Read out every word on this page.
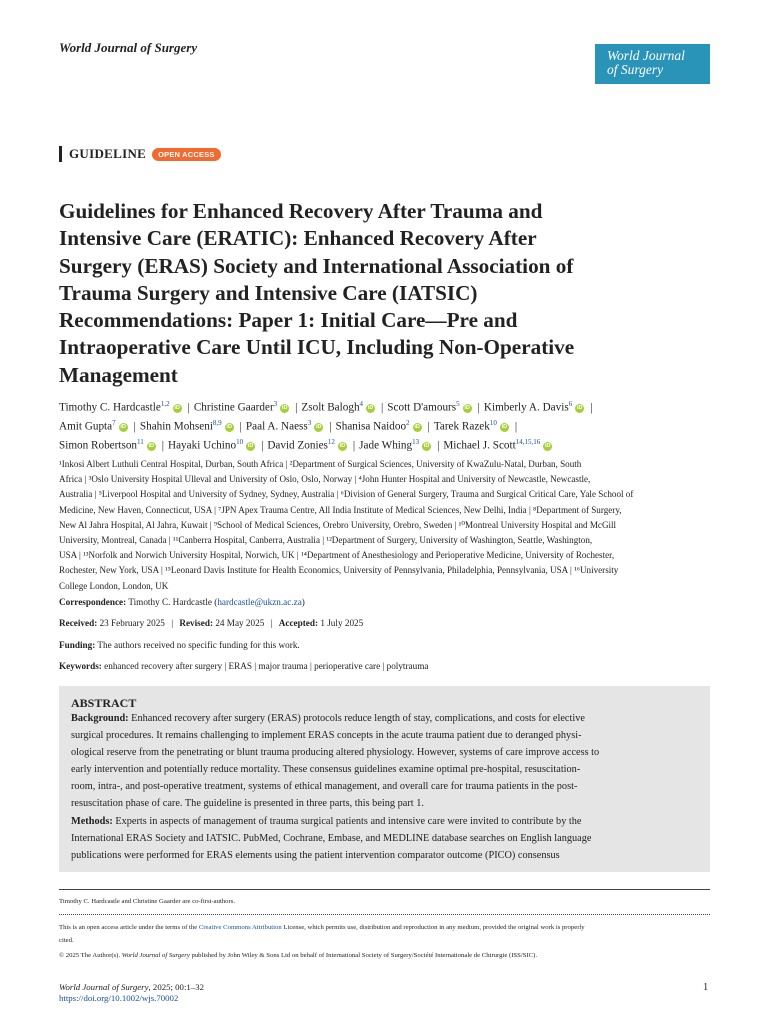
World Journal of Surgery
World Journal
of Surgery
GUIDELINE	OPEN ACCESS
Guidelines for Enhanced Recovery After Trauma and
Intensive Care (ERATIC): Enhanced Recovery After
Surgery (ERAS) Society and International Association of
Trauma Surgery and Intensive Care (IATSIC)
Recommendations: Paper 1: Initial Care—Pre and
Intraoperative Care Until ICU, Including Non-Operative
Management
Timothy C. Hardcastle$^{1,2}$ iD | Christine Gaarder$^3$ iD | Zsolt Balogh$^4$ iD | Scott D'amours$^5$ iD | Kimberly A. Davis$^6$ iD |
Amit Gupta$^7$ iD | Shahin Mohseni$^{8,9}$ iD | Paal A. Naess$^3$ iD | Shanisa Naidoo$^2$ iD | Tarek Razek$^{10}$ iD |
Simon Robertson$^{11}$ iD | Hayaki Uchino$^{10}$ iD | David Zonies$^{12}$ iD | Jade Whing$^{13}$ iD | Michael J. Scott$^{14,15,16}$ iD
¹Inkosi Albert Luthuli Central Hospital, Durban, South Africa | ²Department of Surgical Sciences, University of KwaZulu-Natal, Durban, South
Africa | ³Oslo University Hospital Ulleval and University of Oslo, Oslo, Norway | ⁴John Hunter Hospital and University of Newcastle, Newcastle,
Australia | ⁵Liverpool Hospital and University of Sydney, Sydney, Australia | ⁶Division of General Surgery, Trauma and Surgical Critical Care, Yale School of
Medicine, New Haven, Connecticut, USA | ⁷JPN Apex Trauma Centre, All India Institute of Medical Sciences, New Delhi, India | ⁸Department of Surgery,
New Al Jahra Hospital, Al Jahra, Kuwait | ⁹School of Medical Sciences, Orebro University, Orebro, Sweden | ¹⁰Montreal University Hospital and McGill
University, Montreal, Canada | ¹¹Canberra Hospital, Canberra, Australia | ¹²Department of Surgery, University of Washington, Seattle, Washington,
USA | ¹³Norfolk and Norwich University Hospital, Norwich, UK | ¹⁴Department of Anesthesiology and Perioperative Medicine, University of Rochester,
Rochester, New York, USA | ¹⁵Leonard Davis Institute for Health Economics, University of Pennsylvania, Philadelphia, Pennsylvania, USA | ¹⁶University
College London, London, UK
Correspondence: Timothy C. Hardcastle (hardcastle@ukzn.ac.za)
Received: 23 February 2025 | Revised: 24 May 2025 | Accepted: 1 July 2025
Funding: The authors received no specific funding for this work.
Keywords: enhanced recovery after surgery | ERAS | major trauma | perioperative care | polytrauma
ABSTRACT
Background: Enhanced recovery after surgery (ERAS) protocols reduce length of stay, complications, and costs for elective
surgical procedures. It remains challenging to implement ERAS concepts in the acute trauma patient due to deranged physi-
ological reserve from the penetrating or blunt trauma producing altered physiology. However, systems of care improve access to
early intervention and potentially reduce mortality. These consensus guidelines examine optimal pre-hospital, resuscitation-
room, intra-, and post-operative treatment, systems of ethical management, and overall care for trauma patients in the post-
resuscitation phase of care. The guideline is presented in three parts, this being part 1.
Methods: Experts in aspects of management of trauma surgical patients and intensive care were invited to contribute by the
International ERAS Society and IATSIC. PubMed, Cochrane, Embase, and MEDLINE database searches on English language
publications were performed for ERAS elements using the patient intervention comparator outcome (PICO) consensus
Timothy C. Hardcastle and Christine Gaarder are co-first-authors.
This is an open access article under the terms of the Creative Commons Attribution License, which permits use, distribution and reproduction in any medium, provided the original work is properly
cited.
© 2025 The Author(s). World Journal of Surgery published by John Wiley & Sons Ltd on behalf of International Society of Surgery/Société Internationale de Chirurgie (ISS/SIC).
World Journal of Surgery, 2025; 00:1–32
https://doi.org/10.1002/wjs.70002
1
